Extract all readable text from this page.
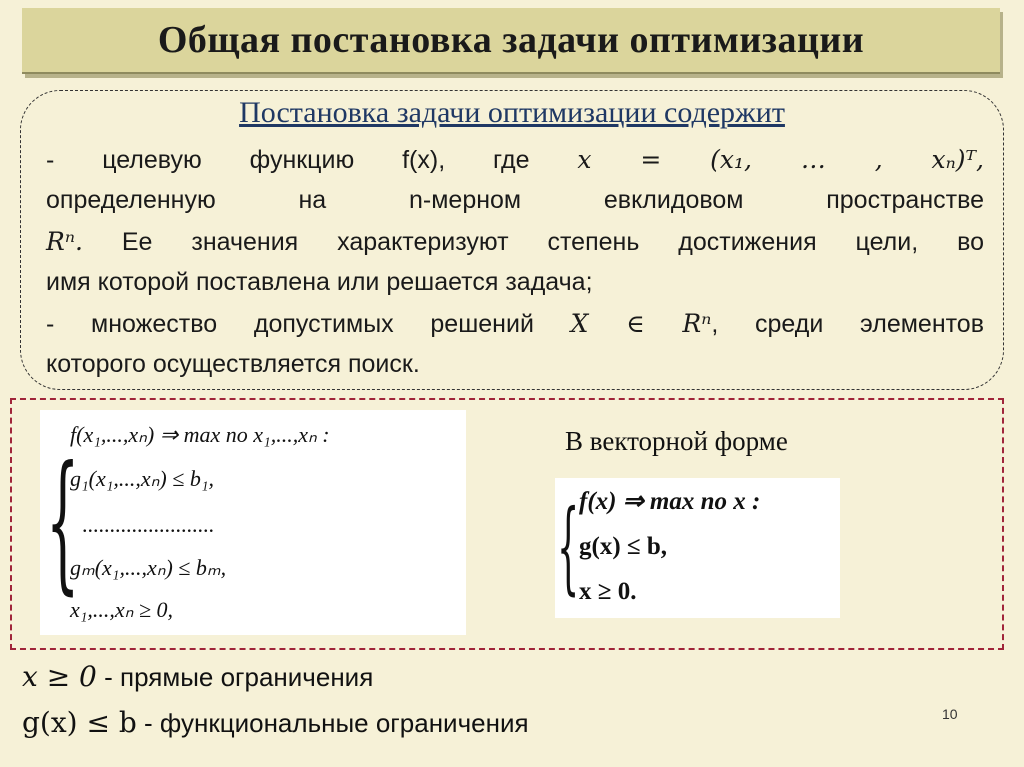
Общая постановка задачи оптимизации
Постановка задачи оптимизации содержит
- целевую функцию f(x), где x = (x₁, … , xₙ)ᵀ,
определенную на n-мерном евклидовом пространстве
Rⁿ. Ее значения характеризуют степень достижения цели, во
имя которой поставлена или решается задача;
- множество допустимых решений X ∈ Rⁿ, среди элементов
которого осуществляется поиск.
{
f(x₁,...,xₙ) ⇒ max по x₁,...,xₙ :
g₁(x₁,...,xₙ) ≤ b₁,
........................
gₘ(x₁,...,xₙ) ≤ bₘ,
x₁,...,xₙ ≥ 0,
В векторной форме
{ f(x) ⇒ max по x :
g(x) ≤ b,
x ≥ 0.
x ≥ 0 - прямые ограничения
g(x) ≤ b - функциональные ограничения	10
